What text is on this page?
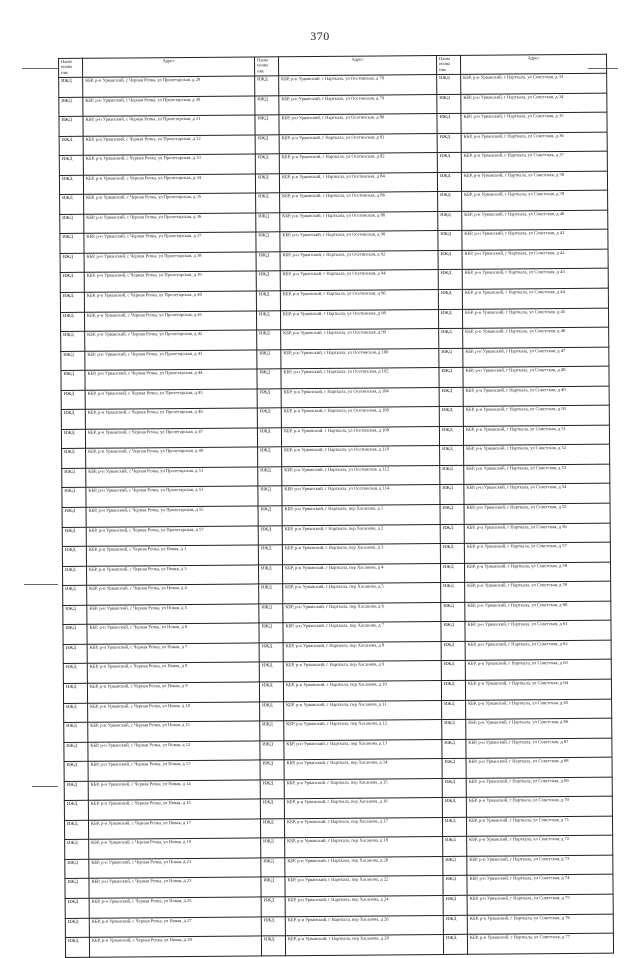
370
Наим енова ние	Адрес	Наим енова ние	Адрес	Наим енова ние	Адрес
ИЖД	КБР, р-н Урванский, с Черная Речка, ул Пролетарская, д 29	ИЖД	КБР, р-н Урванский, г Нарткала, ул Осетинская, д 78	ИЖД	КБР, р-н Урванский, г Нарткала, ул Советская, д 33
ИЖД	КБР, р-н Урванский, с Черная Речка, ул Пролетарская, д 30	ИЖД	КБР, р-н Урванский, г Нарткала, ул Осетинская, д 79	ИЖД	КБР, р-н Урванский, г Нарткала, ул Советская, д 34
ИЖД	КБР, р-н Урванский, с Черная Речка, ул Пролетарская, д 31	ИЖД	КБР, р-н Урванский, г Нарткала, ул Осетинская, д 80	ИЖД	КБР, р-н Урванский, г Нарткала, ул Советская, д 35
ИЖД	КБР, р-н Урванский, с Черная Речка, ул Пролетарская, д 32	ИЖД	КБР, р-н Урванский, г Нарткала, ул Осетинская, д 81	ИЖД	КБР, р-н Урванский, г Нарткала, ул Советская, д 36
ИЖД	КБР, р-н Урванский, с Черная Речка, ул Пролетарская, д 33	ИЖД	КБР, р-н Урванский, г Нарткала, ул Осетинская, д 82	ИЖД	КБР, р-н Урванский, г Нарткала, ул Советская, д 37
ИЖД	КБР, р-н Урванский, с Черная Речка, ул Пролетарская, д 34	ИЖД	КБР, р-н Урванский, г Нарткала, ул Осетинская, д 84	ИЖД	КБР, р-н Урванский, г Нарткала, ул Советская, д 38
ИЖД	КБР, р-н Урванский, с Черная Речка, ул Пролетарская, д 35	ИЖД	КБР, р-н Урванский, г Нарткала, ул Осетинская, д 86	ИЖД	КБР, р-н Урванский, г Нарткала, ул Советская, д 39
ИЖД	КБР, р-н Урванский, с Черная Речка, ул Пролетарская, д 36	ИЖД	КБР, р-н Урванский, г Нарткала, ул Осетинская, д 88	ИЖД	КБР, р-н Урванский, г Нарткала, ул Советская, д 40
ИЖД	КБР, р-н Урванский, с Черная Речка, ул Пролетарская, д 37	ИЖД	КБР, р-н Урванский, г Нарткала, ул Осетинская, д 90	ИЖД	КБР, р-н Урванский, г Нарткала, ул Советская, д 41
ИЖД	КБР, р-н Урванский, с Черная Речка, ул Пролетарская, д 38	ИЖД	КБР, р-н Урванский, г Нарткала, ул Осетинская, д 92	ИЖД	КБР, р-н Урванский, г Нарткала, ул Советская, д 42
ИЖД	КБР, р-н Урванский, с Черная Речка, ул Пролетарская, д 39	ИЖД	КБР, р-н Урванский, г Нарткала, ул Осетинская, д 94	ИЖД	КБР, р-н Урванский, г Нарткала, ул Советская, д 43
ИЖД	КБР, р-н Урванский, с Черная Речка, ул Пролетарская, д 40	ИЖД	КБР, р-н Урванский, г Нарткала, ул Осетинская, д 96	ИЖД	КБР, р-н Урванский, г Нарткала, ул Советская, д 44
ИЖД	КБР, р-н Урванский, с Черная Речка, ул Пролетарская, д 41	ИЖД	КБР, р-н Урванский, г Нарткала, ул Осетинская, д 98	ИЖД	КБР, р-н Урванский, г Нарткала, ул Советская, д 45
ИЖД	КБР, р-н Урванский, с Черная Речка, ул Пролетарская, д 42	ИЖД	КБР, р-н Урванский, г Нарткала, ул Осетинская, д 99	ИЖД	КБР, р-н Урванский, г Нарткала, ул Советская, д 46
ИЖД	КБР, р-н Урванский, с Черная Речка, ул Пролетарская, д 43	ИЖД	КБР, р-н Урванский, г Нарткала, ул Осетинская, д 100	ИЖД	КБР, р-н Урванский, г Нарткала, ул Советская, д 47
ИЖД	КБР, р-н Урванский, с Черная Речка, ул Пролетарская, д 44	ИЖД	КБР, р-н Урванский, г Нарткала, ул Осетинская, д 102	ИЖД	КБР, р-н Урванский, г Нарткала, ул Советская, д 48
ИЖД	КБР, р-н Урванский, с Черная Речка, ул Пролетарская, д 45	ИЖД	КБР, р-н Урванский, г Нарткала, ул Осетинская, д 104	ИЖД	КБР, р-н Урванский, г Нарткала, ул Советская, д 49
ИЖД	КБР, р-н Урванский, с Черная Речка, ул Пролетарская, д 46	ИЖД	КБР, р-н Урванский, г Нарткала, ул Осетинская, д 106	ИЖД	КБР, р-н Урванский, г Нарткала, ул Советская, д 50
ИЖД	КБР, р-н Урванский, с Черная Речка, ул Пролетарская, д 47	ИЖД	КБР, р-н Урванский, г Нарткала, ул Осетинская, д 108	ИЖД	КБР, р-н Урванский, г Нарткала, ул Советская, д 51
ИЖД	КБР, р-н Урванский, с Черная Речка, ул Пролетарская, д 49	ИЖД	КБР, р-н Урванский, г Нарткала, ул Осетинская, д 110	ИЖД	КБР, р-н Урванский, г Нарткала, ул Советская, д 52
ИЖД	КБР, р-н Урванский, с Черная Речка, ул Пролетарская, д 51	ИЖД	КБР, р-н Урванский, г Нарткала, ул Осетинская, д 112	ИЖД	КБР, р-н Урванский, г Нарткала, ул Советская, д 53
ИЖД	КБР, р-н Урванский, с Черная Речка, ул Пролетарская, д 53	ИЖД	КБР, р-н Урванский, г Нарткала, ул Осетинская, д 114	ИЖД	КБР, р-н Урванский, г Нарткала, ул Советская, д 54
ИЖД	КБР, р-н Урванский, с Черная Речка, ул Пролетарская, д 55	ИЖД	КБР, р-н Урванский, г Нарткала, пер Хасанова, д 1	ИЖД	КБР, р-н Урванский, г Нарткала, ул Советская, д 55
ИЖД	КБР, р-н Урванский, с Черная Речка, ул Пролетарская, д 57	ИЖД	КБР, р-н Урванский, г Нарткала, пер Хасанова, д 2	ИЖД	КБР, р-н Урванский, г Нарткала, ул Советская, д 56
ИЖД	КБР, р-н Урванский, с Черная Речка, ул Новая, д 1	ИЖД	КБР, р-н Урванский, г Нарткала, пер Хасанова, д 3	ИЖД	КБР, р-н Урванский, г Нарткала, ул Советская, д 57
ИЖД	КБР, р-н Урванский, с Черная Речка, ул Новая, д 3	ИЖД	КБР, р-н Урванский, г Нарткала, пер Хасанова, д 4	ИЖД	КБР, р-н Урванский, г Нарткала, ул Советская, д 58
ИЖД	КБР, р-н Урванский, с Черная Речка, ул Новая, д 4	ИЖД	КБР, р-н Урванский, г Нарткала, пер Хасанова, д 5	ИЖД	КБР, р-н Урванский, г Нарткала, ул Советская, д 59
ИЖД	КБР, р-н Урванский, с Черная Речка, ул Новая, д 5	ИЖД	КБР, р-н Урванский, г Нарткала, пер Хасанова, д 6	ИЖД	КБР, р-н Урванский, г Нарткала, ул Советская, д 60
ИЖД	КБР, р-н Урванский, с Черная Речка, ул Новая, д 6	ИЖД	КБР, р-н Урванский, г Нарткала, пер Хасанова, д 7	ИЖД	КБР, р-н Урванский, г Нарткала, ул Советская, д 61
ИЖД	КБР, р-н Урванский, с Черная Речка, ул Новая, д 7	ИЖД	КБР, р-н Урванский, г Нарткала, пер Хасанова, д 8	ИЖД	КБР, р-н Урванский, г Нарткала, ул Советская, д 62
ИЖД	КБР, р-н Урванский, с Черная Речка, ул Новая, д 8	ИЖД	КБР, р-н Урванский, г Нарткала, пер Хасанова, д 9	ИЖД	КБР, р-н Урванский, г Нарткала, ул Советская, д 63
ИЖД	КБР, р-н Урванский, с Черная Речка, ул Новая, д 9	ИЖД	КБР, р-н Урванский, г Нарткала, пер Хасанова, д 10	ИЖД	КБР, р-н Урванский, г Нарткала, ул Советская, д 64
ИЖД	КБР, р-н Урванский, с Черная Речка, ул Новая, д 10	ИЖД	КБР, р-н Урванский, г Нарткала, пер Хасанова, д 11	ИЖД	КБР, р-н Урванский, г Нарткала, ул Советская, д 65
ИЖД	КБР, р-н Урванский, с Черная Речка, ул Новая, д 11	ИЖД	КБР, р-н Урванский, г Нарткала, пер Хасанова, д 12	ИЖД	КБР, р-н Урванский, г Нарткала, ул Советская, д 66
ИЖД	КБР, р-н Урванский, с Черная Речка, ул Новая, д 12	ИЖД	КБР, р-н Урванский, г Нарткала, пер Хасанова, д 13	ИЖД	КБР, р-н Урванский, г Нарткала, ул Советская, д 67
ИЖД	КБР, р-н Урванский, с Черная Речка, ул Новая, д 13	ИЖД	КБР, р-н Урванский, г Нарткала, пер Хасанова, д 14	ИЖД	КБР, р-н Урванский, г Нарткала, ул Советская, д 68
ИЖД	КБР, р-н Урванский, с Черная Речка, ул Новая, д 14	ИЖД	КБР, р-н Урванский, г Нарткала, пер Хасанова, д 15	ИЖД	КБР, р-н Урванский, г Нарткала, ул Советская, д 69
ИЖД	КБР, р-н Урванский, с Черная Речка, ул Новая, д 15	ИЖД	КБР, р-н Урванский, г Нарткала, пер Хасанова, д 16	ИЖД	КБР, р-н Урванский, г Нарткала, ул Советская, д 70
ИЖД	КБР, р-н Урванский, с Черная Речка, ул Новая, д 17	ИЖД	КБР, р-н Урванский, г Нарткала, пер Хасанова, д 17	ИЖД	КБР, р-н Урванский, г Нарткала, ул Советская, д 71
ИЖД	КБР, р-н Урванский, с Черная Речка, ул Новая, д 19	ИЖД	КБР, р-н Урванский, г Нарткала, пер Хасанова, д 18	ИЖД	КБР, р-н Урванский, г Нарткала, ул Советская, д 72
ИЖД	КБР, р-н Урванский, с Черная Речка, ул Новая, д 21	ИЖД	КБР, р-н Урванский, г Нарткала, пер Хасанова, д 20	ИЖД	КБР, р-н Урванский, г Нарткала, ул Советская, д 73
ИЖД	КБР, р-н Урванский, с Черная Речка, ул Новая, д 23	ИЖД	КБР, р-н Урванский, г Нарткала, пер Хасанова, д 22	ИЖД	КБР, р-н Урванский, г Нарткала, ул Советская, д 74
ИЖД	КБР, р-н Урванский, с Черная Речка, ул Новая, д 25	ИЖД	КБР, р-н Урванский, г Нарткала, пер Хасанова, д 24	ИЖД	КБР, р-н Урванский, г Нарткала, ул Советская, д 75
ИЖД	КБР, р-н Урванский, с Черная Речка, ул Новая, д 27	ИЖД	КБР, р-н Урванский, г Нарткала, пер Хасанова, д 26	ИЖД	КБР, р-н Урванский, г Нарткала, ул Советская, д 76
ИЖД	КБР, р-н Урванский, с Черная Речка, ул Новая, д 29	ИЖД	КБР, р-н Урванский, г Нарткала, пер Хасанова, д 28	ИЖД	КБР, р-н Урванский, г Нарткала, ул Советская, д 77
